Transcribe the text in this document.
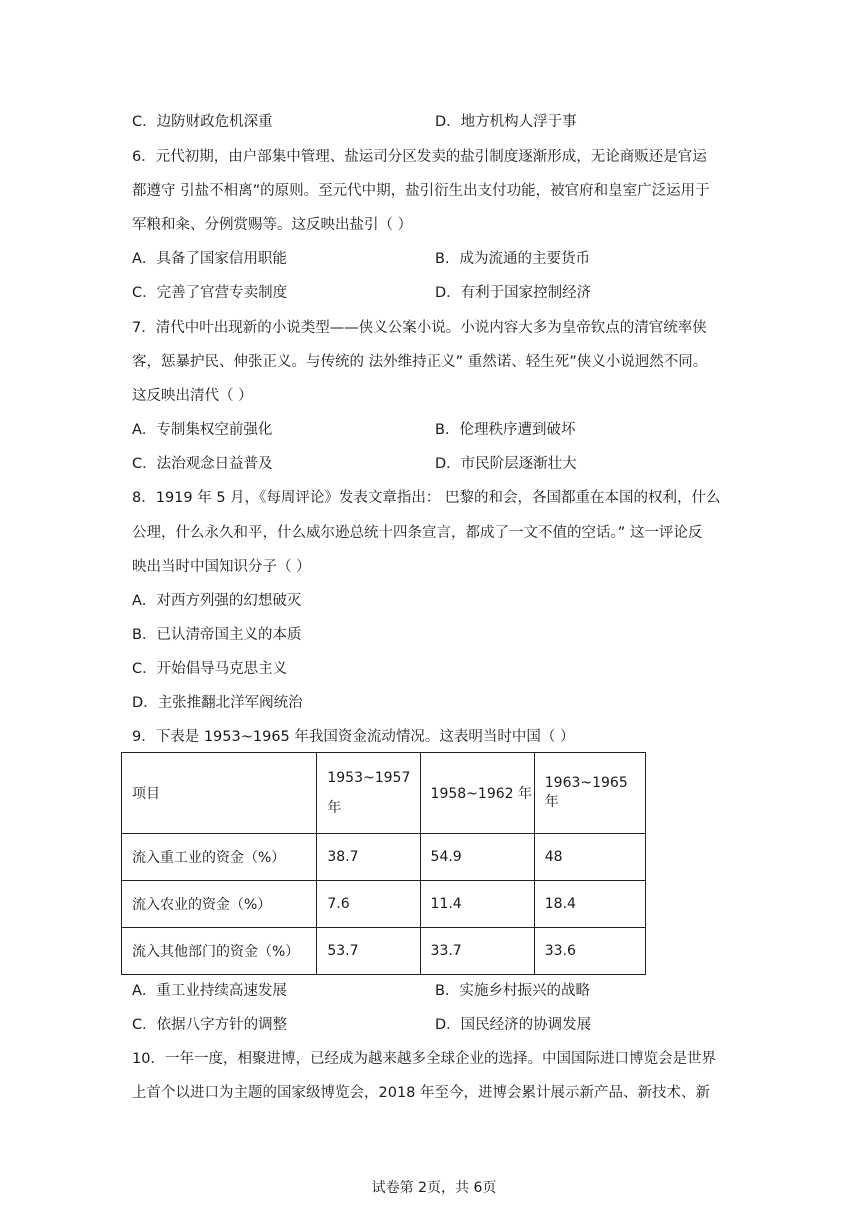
C．边防财政危机深重	D．地方机构人浮于事
6．元代初期，由户部集中管理、盐运司分区发卖的盐引制度逐渐形成，无论商贩还是官运
都遵守 引盐不相离”的原则。至元代中期，盐引衍生出支付功能，被官府和皇室广泛运用于
军粮和籴、分例赏赐等。这反映出盐引（ ）
A．具备了国家信用职能	B．成为流通的主要货币
C．完善了官营专卖制度	D．有利于国家控制经济
7．清代中叶出现新的小说类型——侠义公案小说。小说内容大多为皇帝钦点的清官统率侠
客，惩暴护民、伸张正义。与传统的 法外维持正义” 重然诺、轻生死”侠义小说迥然不同。
这反映出清代（ ）
A．专制集权空前强化	B．伦理秩序遭到破坏
C．法治观念日益普及	D．市民阶层逐渐壮大
8．1919 年 5 月，《每周评论》发表文章指出： 巴黎的和会，各国都重在本国的权利，什么
公理，什么永久和平，什么威尔逊总统十四条宣言，都成了一文不值的空话。” 这一评论反
映出当时中国知识分子（ ）
A．对西方列强的幻想破灭
B．已认清帝国主义的本质
C．开始倡导马克思主义
D．主张推翻北洋军阀统治
9．下表是 1953~1965 年我国资金流动情况。这表明当时中国（ ）
项目	1953~1957
年	1958~1962 年	1963~1965 年
流入重工业的资金（%）	38.7	54.9	48
流入农业的资金（%）	7.6	11.4	18.4
流入其他部门的资金（%）	53.7	33.7	33.6
A．重工业持续高速发展	B．实施乡村振兴的战略
C．依据八字方针的调整	D．国民经济的协调发展
10．一年一度，相聚进博，已经成为越来越多全球企业的选择。中国国际进口博览会是世界
上首个以进口为主题的国家级博览会，2018 年至今，进博会累计展示新产品、新技术、新
试卷第 2页，共 6页
